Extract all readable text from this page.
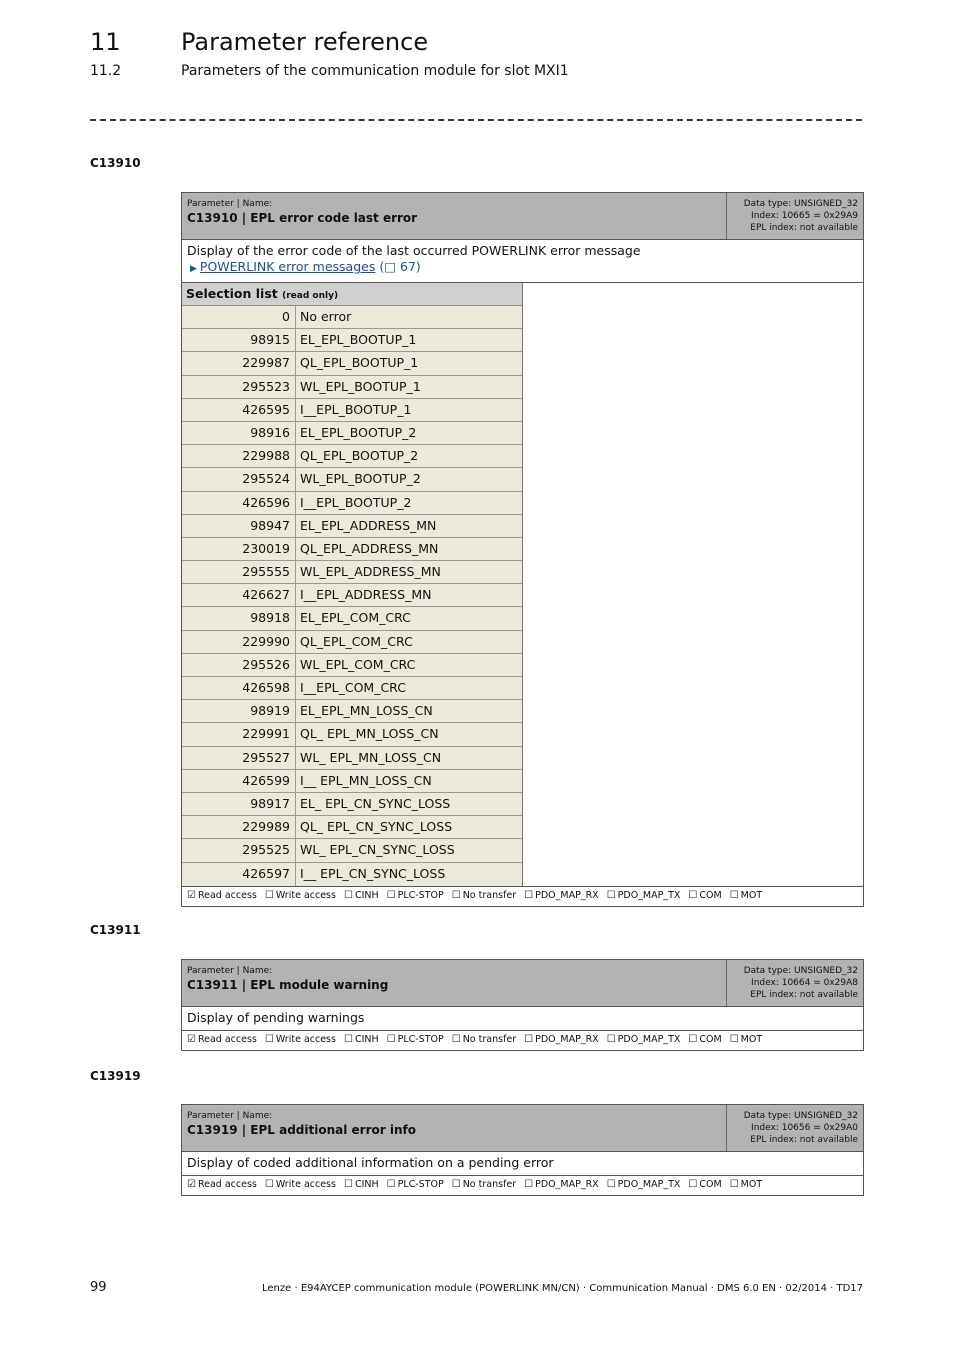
11	Parameter reference
11.2	Parameters of the communication module for slot MXI1
C13910
Parameter | Name:
C13910 | EPL error code last error
Data type: UNSIGNED_32
Index: 10665 = 0x29A9
EPL index: not available
Display of the error code of the last occurred POWERLINK error message
▶ POWERLINK error messages (□ 67)
Selection list (read only)
0 No error
98915 EL_EPL_BOOTUP_1
229987 QL_EPL_BOOTUP_1
295523 WL_EPL_BOOTUP_1
426595 I__EPL_BOOTUP_1
98916 EL_EPL_BOOTUP_2
229988 QL_EPL_BOOTUP_2
295524 WL_EPL_BOOTUP_2
426596 I__EPL_BOOTUP_2
98947 EL_EPL_ADDRESS_MN
230019 QL_EPL_ADDRESS_MN
295555 WL_EPL_ADDRESS_MN
426627 I__EPL_ADDRESS_MN
98918 EL_EPL_COM_CRC
229990 QL_EPL_COM_CRC
295526 WL_EPL_COM_CRC
426598 I__EPL_COM_CRC
98919 EL_EPL_MN_LOSS_CN
229991 QL_ EPL_MN_LOSS_CN
295527 WL_ EPL_MN_LOSS_CN
426599 I__ EPL_MN_LOSS_CN
98917 EL_ EPL_CN_SYNC_LOSS
229989 QL_ EPL_CN_SYNC_LOSS
295525 WL_ EPL_CN_SYNC_LOSS
426597 I__ EPL_CN_SYNC_LOSS
☑ Read access ☐ Write access ☐ CINH ☐ PLC-STOP ☐ No transfer ☐ PDO_MAP_RX ☐ PDO_MAP_TX ☐ COM ☐ MOT
C13911
Parameter | Name:
C13911 | EPL module warning
Data type: UNSIGNED_32
Index: 10664 = 0x29A8
EPL index: not available
Display of pending warnings
☑ Read access ☐ Write access ☐ CINH ☐ PLC-STOP ☐ No transfer ☐ PDO_MAP_RX ☐ PDO_MAP_TX ☐ COM ☐ MOT
C13919
Parameter | Name:
C13919 | EPL additional error info
Data type: UNSIGNED_32
Index: 10656 = 0x29A0
EPL index: not available
Display of coded additional information on a pending error
☑ Read access ☐ Write access ☐ CINH ☐ PLC-STOP ☐ No transfer ☐ PDO_MAP_RX ☐ PDO_MAP_TX ☐ COM ☐ MOT
99	Lenze · E94AYCEP communication module (POWERLINK MN/CN) · Communication Manual · DMS 6.0 EN · 02/2014 · TD17
